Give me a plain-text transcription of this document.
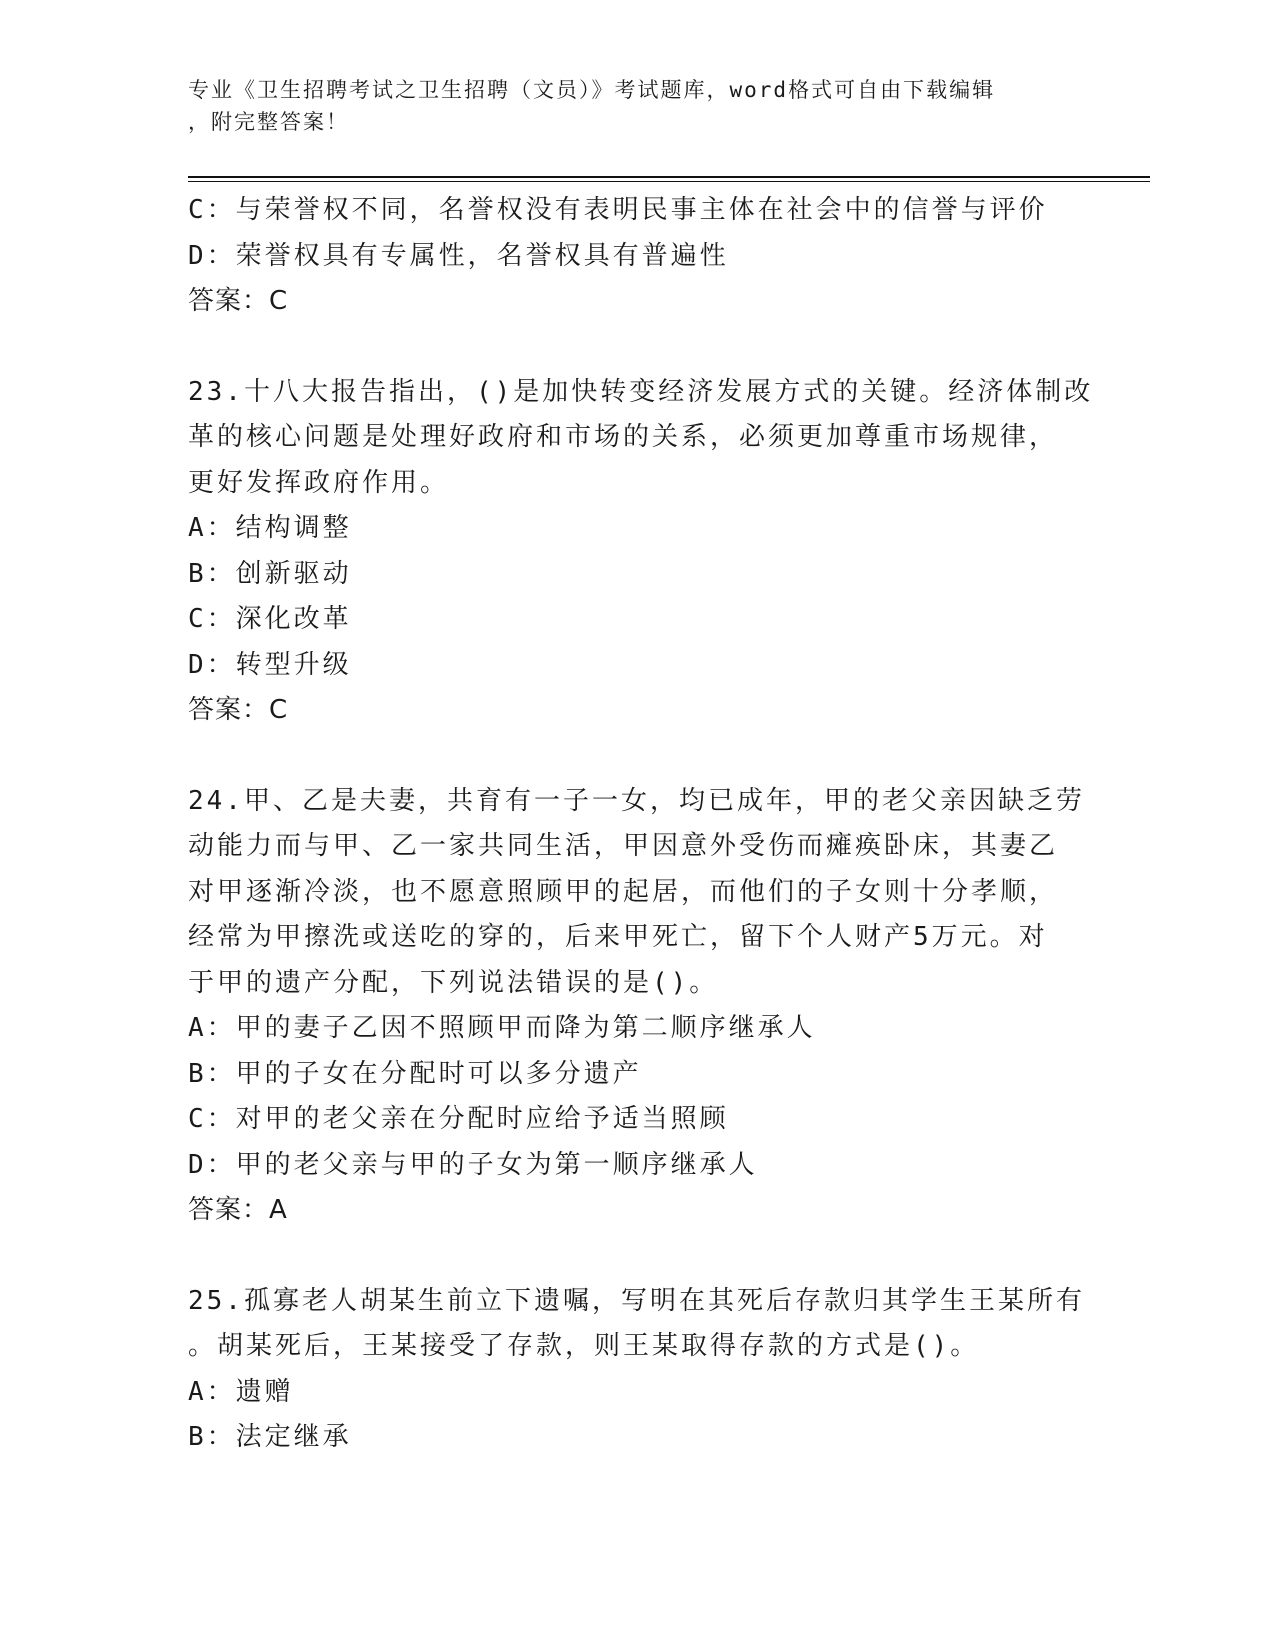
专业《卫生招聘考试之卫生招聘（文员）》考试题库，word格式可自由下载编辑
，附完整答案！
C：与荣誉权不同，名誉权没有表明民事主体在社会中的信誉与评价
D：荣誉权具有专属性，名誉权具有普遍性
答案：C
23.十八大报告指出，()是加快转变经济发展方式的关键。经济体制改
革的核心问题是处理好政府和市场的关系，必须更加尊重市场规律，
更好发挥政府作用。
A：结构调整
B：创新驱动
C：深化改革
D：转型升级
答案：C
24.甲、乙是夫妻，共育有一子一女，均已成年，甲的老父亲因缺乏劳
动能力而与甲、乙一家共同生活，甲因意外受伤而瘫痪卧床，其妻乙
对甲逐渐冷淡，也不愿意照顾甲的起居，而他们的子女则十分孝顺，
经常为甲擦洗或送吃的穿的，后来甲死亡，留下个人财产5万元。对
于甲的遗产分配，下列说法错误的是()。
A：甲的妻子乙因不照顾甲而降为第二顺序继承人
B：甲的子女在分配时可以多分遗产
C：对甲的老父亲在分配时应给予适当照顾
D：甲的老父亲与甲的子女为第一顺序继承人
答案：A
25.孤寡老人胡某生前立下遗嘱，写明在其死后存款归其学生王某所有
。胡某死后，王某接受了存款，则王某取得存款的方式是()。
A：遗赠
B：法定继承
